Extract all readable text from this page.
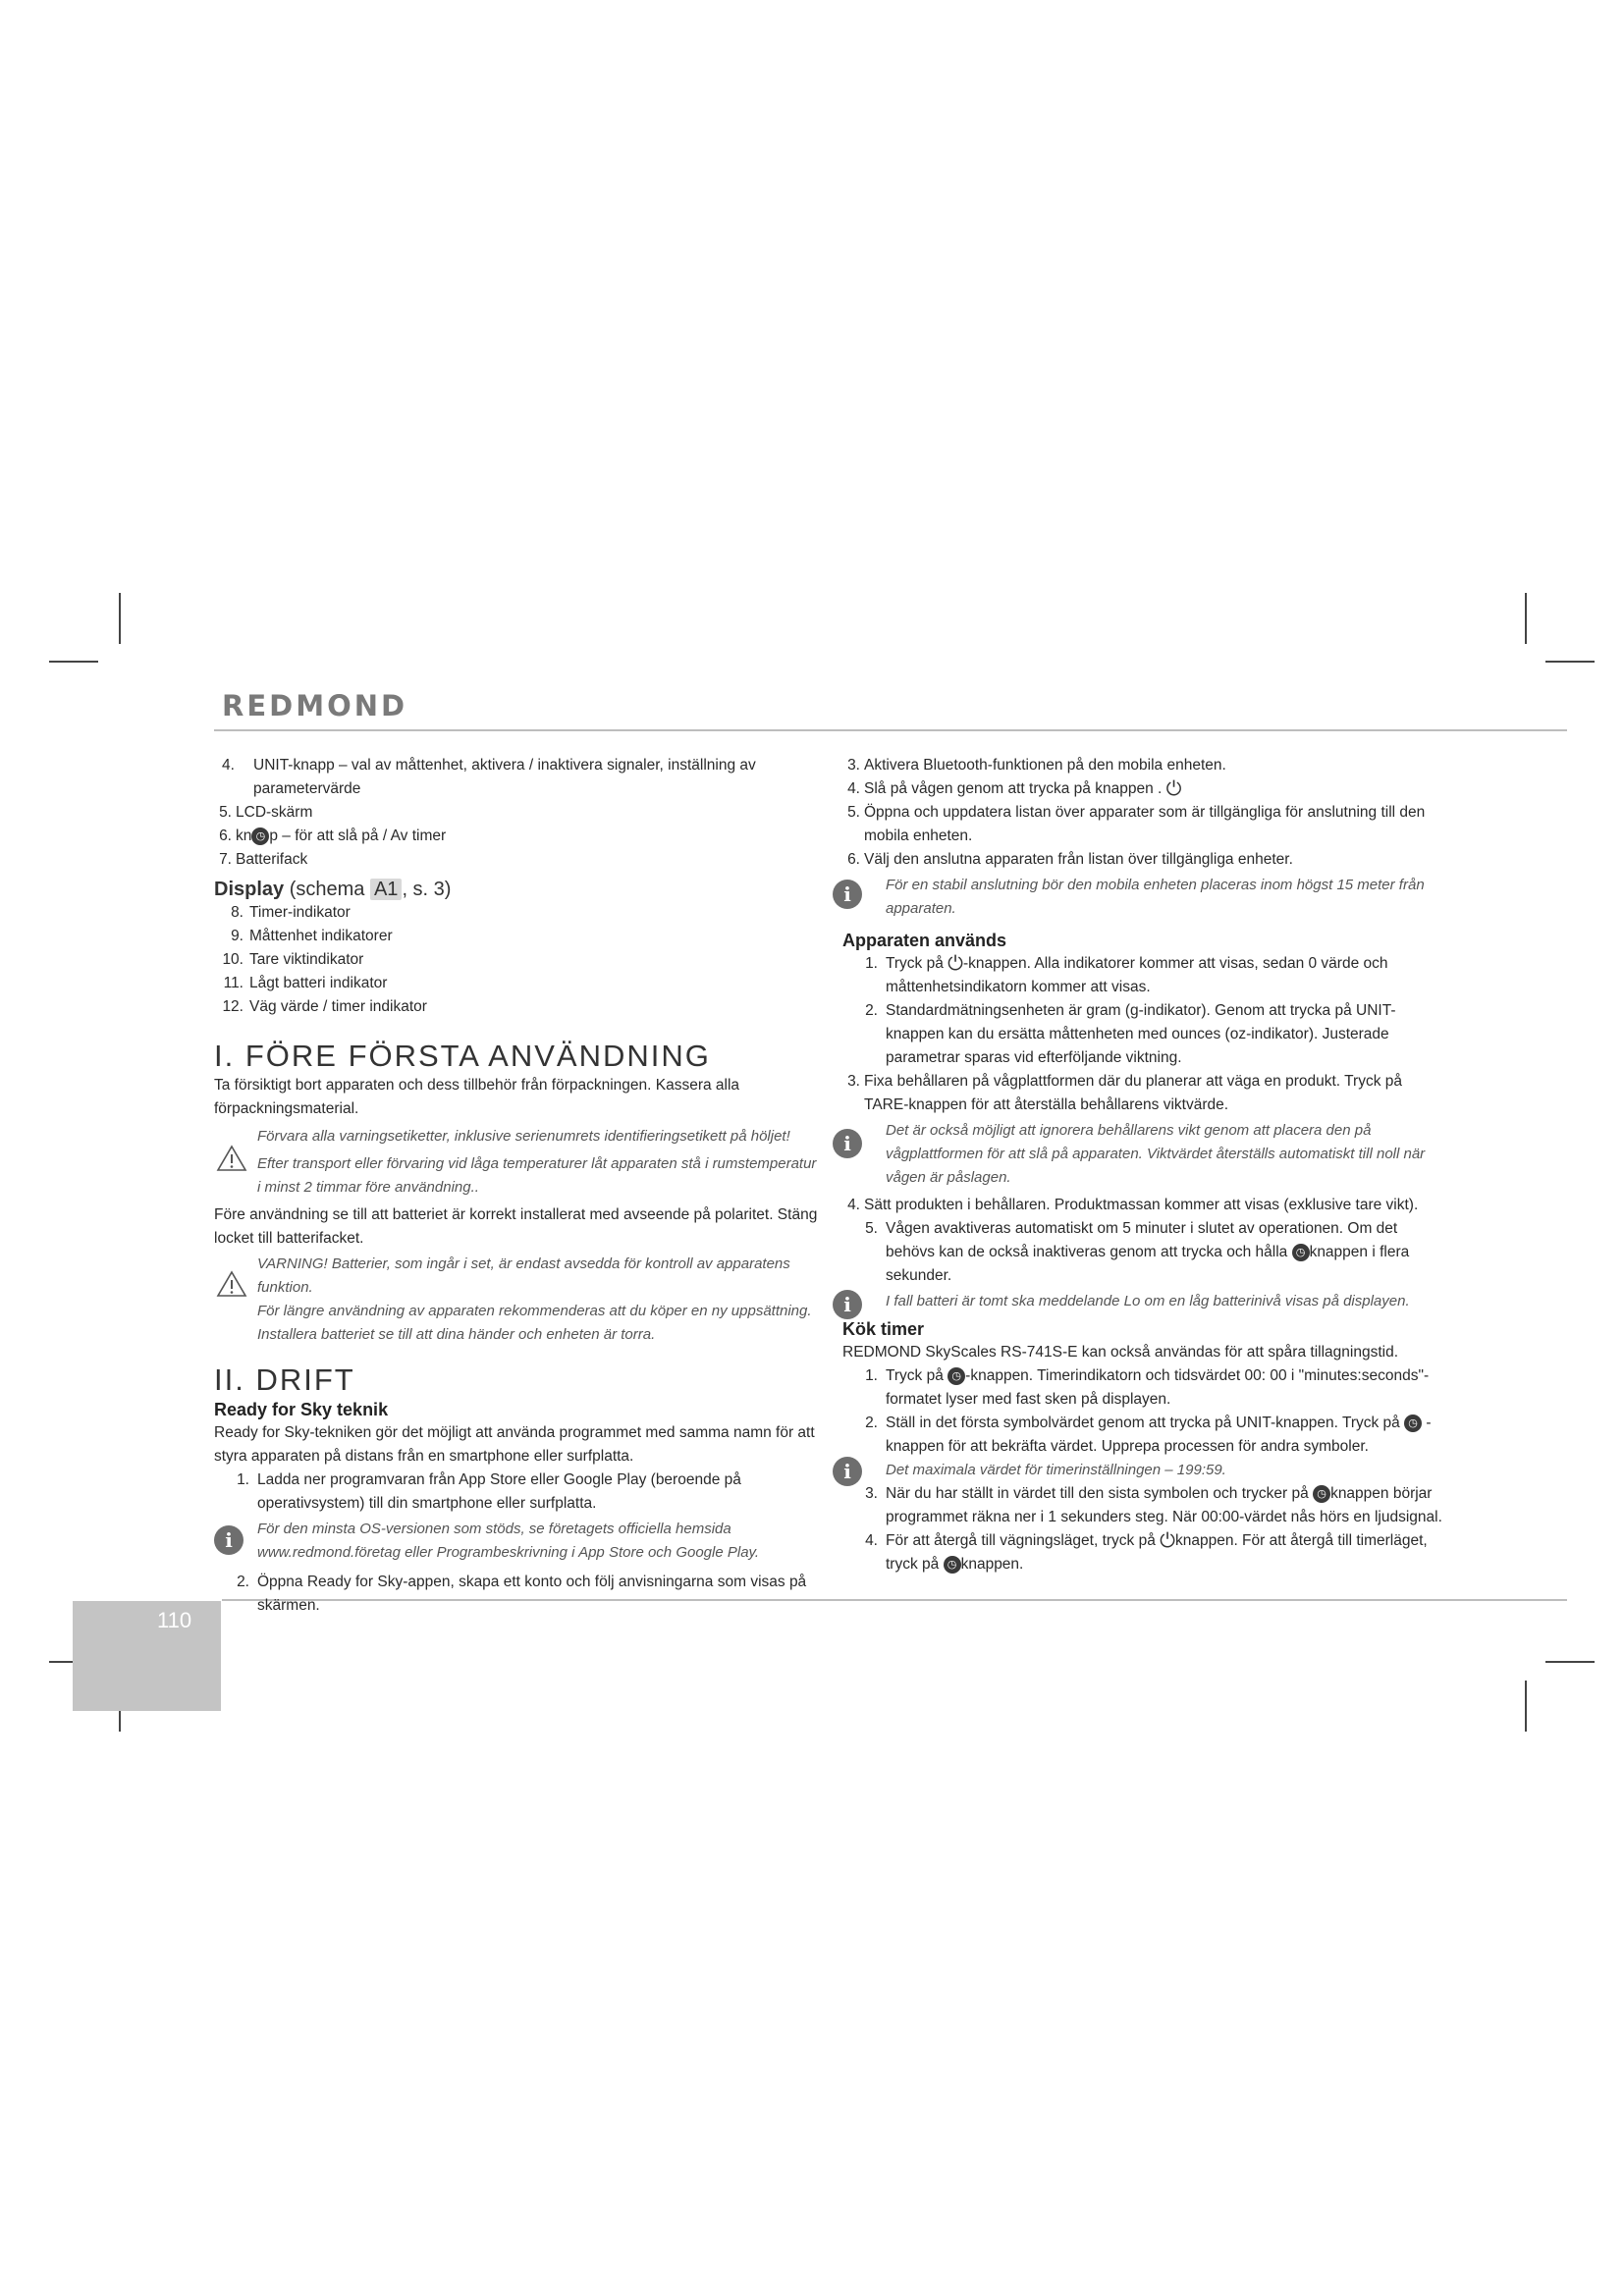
REDMOND
110

4.	UNIT-knapp – val av måttenhet, aktivera / inaktivera signaler, inställning av parametervärde

5. LCD-skärm

6. kn ◷ p – för att slå på / Av timer

7. Batterifack

Display (schema A1 , s. 3)

8. Timer-indikator

9. Måttenhet indikatorer

10. Tare viktindikator

11. Lågt batteri indikator

12. Väg värde / timer indikator

I. FÖRE FÖRSTA ANVÄNDNING

Ta försiktigt bort apparaten och dess tillbehör från förpackningen. Kassera alla förpackningsmaterial.

Förvara alla varningsetiketter, inklusive serienumrets identifieringsetikett på höljet!

Efter transport eller förvaring vid låga temperaturer låt apparaten stå i rumstemperatur i minst 2 timmar före användning..

Före användning se till att batteriet är korrekt installerat med avseende på polaritet. Stäng locket till batterifacket.

VARNING! Batterier, som ingår i set, är endast avsedda för kontroll av apparatens funktion.

För längre användning av apparaten rekommenderas att du köper en ny uppsättning.

Installera batteriet se till att dina händer och enheten är torra.

II. DRIFT

Ready for Sky teknik

Ready for Sky-tekniken gör det möjligt att använda programmet med samma namn för att styra apparaten på distans från en smartphone eller surfplatta.

1. Ladda ner programvaran från App Store eller Google Play (beroende på operativsystem) till din smartphone eller surfplatta.

i	För den minsta OS-versionen som stöds, se företagets officiella hemsida www.redmond.företag eller Programbeskrivning i App Store och Google Play.

2. Öppna Ready for Sky-appen, skapa ett konto och följ anvisningarna som visas på skärmen.

3. Aktivera Bluetooth-funktionen på den mobila enheten.

4. Slå på vågen genom att trycka på knappen . ⏻

5. Öppna och uppdatera listan över apparater som är tillgängliga för anslutning till den mobila enheten.

6. Välj den anslutna apparaten från listan över tillgängliga enheter.

i	För en stabil anslutning bör den mobila enheten placeras inom högst 15 meter från apparaten.

Apparaten används

1. Tryck på ⏻-knappen. Alla indikatorer kommer att visas, sedan 0 värde och måttenhetsindikatorn kommer att visas.

2. Standardmätningsenheten är gram (g-indikator). Genom att trycka på UNIT-knappen kan du ersätta måttenheten med ounces (oz-indikator). Justerade parametrar sparas vid efterföljande viktning.

3. Fixa behållaren på vågplattformen där du planerar att väga en produkt. Tryck på TARE-knappen för att återställa behållarens viktvärde.

i

Det är också möjligt att ignorera behållarens vikt genom att placera den på vågplattformen för att slå på apparaten. Viktvärdet återställs automatiskt till noll när vågen är påslagen.

4. Sätt produkten i behållaren. Produktmassan kommer att visas (exklusive tare vikt).

5. Vågen avaktiveras automatiskt om 5 minuter i slutet av operationen. Om det behövs kan de också inaktiveras genom att trycka och hålla ◷ knappen i flera sekunder.

i	I fall batteri är tomt ska meddelande Lo om en låg batterinivå visas på displayen.

Kök timer

REDMOND SkyScales RS-741S-E kan också användas för att spåra tillagningstid.

1. Tryck på ◷ -knappen. Timerindikatorn och tidsvärdet 00: 00 i "minutes:seconds"-formatet lyser med fast sken på displayen.

2. Ställ in det första symbolvärdet genom att trycka på UNIT-knappen. Tryck på ◷ -knappen för att bekräfta värdet. Upprepa processen för andra symboler.

i	Det maximala värdet för timerinställningen – 199:59.

3. När du har ställt in värdet till den sista symbolen och trycker på ◷ knappen börjar programmet räkna ner i 1 sekunders steg. När 00:00-värdet nås hörs en ljudsignal.

4. För att återgå till vägningsläget, tryck på ⏻knappen. För att återgå till timerläget, tryck på ◷ knappen.
